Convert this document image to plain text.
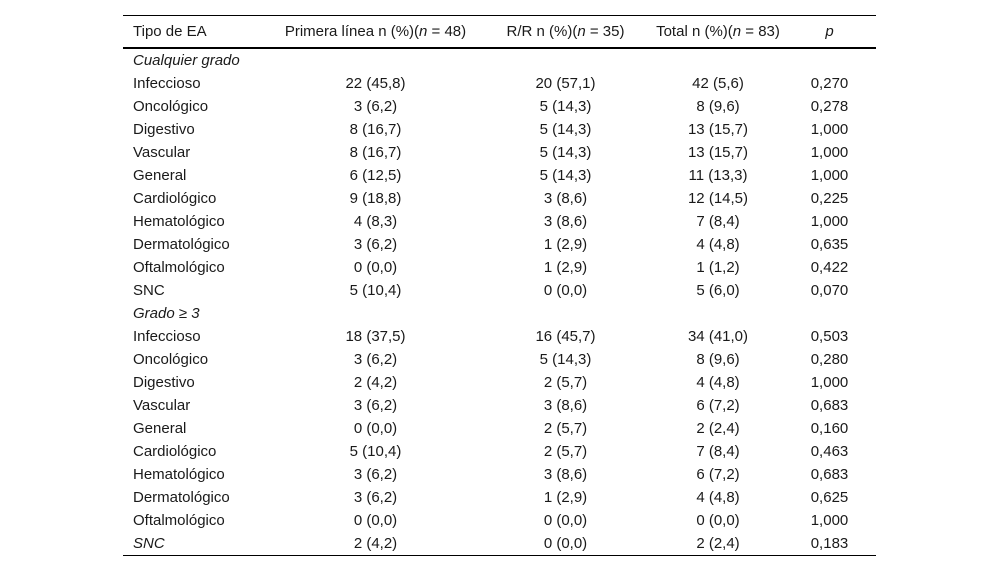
Tipo de EA	Primera línea n (%)(n = 48)	R/R n (%)(n = 35)	Total n (%)(n = 83)	p
Cualquier grado				
Infeccioso	22 (45,8)	20 (57,1)	42 (5,6)	0,270
Oncológico	3 (6,2)	5 (14,3)	8 (9,6)	0,278
Digestivo	8 (16,7)	5 (14,3)	13 (15,7)	1,000
Vascular	8 (16,7)	5 (14,3)	13 (15,7)	1,000
General	6 (12,5)	5 (14,3)	11 (13,3)	1,000
Cardiológico	9 (18,8)	3 (8,6)	12 (14,5)	0,225
Hematológico	4 (8,3)	3 (8,6)	7 (8,4)	1,000
Dermatológico	3 (6,2)	1 (2,9)	4 (4,8)	0,635
Oftalmológico	0 (0,0)	1 (2,9)	1 (1,2)	0,422
SNC	5 (10,4)	0 (0,0)	5 (6,0)	0,070
Grado ≥ 3				
Infeccioso	18 (37,5)	16 (45,7)	34 (41,0)	0,503
Oncológico	3 (6,2)	5 (14,3)	8 (9,6)	0,280
Digestivo	2 (4,2)	2 (5,7)	4 (4,8)	1,000
Vascular	3 (6,2)	3 (8,6)	6 (7,2)	0,683
General	0 (0,0)	2 (5,7)	2 (2,4)	0,160
Cardiológico	5 (10,4)	2 (5,7)	7 (8,4)	0,463
Hematológico	3 (6,2)	3 (8,6)	6 (7,2)	0,683
Dermatológico	3 (6,2)	1 (2,9)	4 (4,8)	0,625
Oftalmológico	0 (0,0)	0 (0,0)	0 (0,0)	1,000
SNC	2 (4,2)	0 (0,0)	2 (2,4)	0,183
